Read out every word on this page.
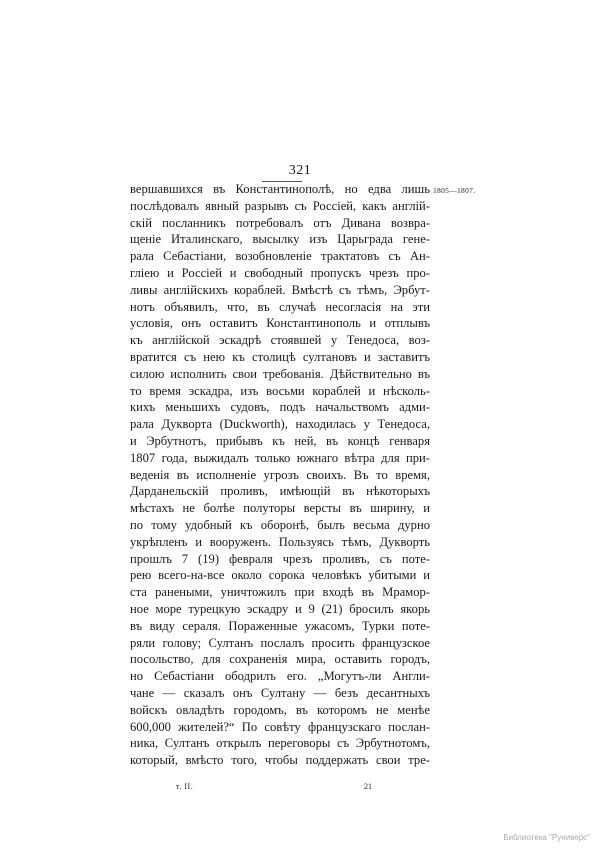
321
1805—1807.
вершавшихся въ Константинополѣ, но едва лишь
послѣдовалъ явный разрывъ съ Россіей, какъ англій-
скій посланникъ потребовалъ отъ Дивана возвра-
щеніе Италинскаго, высылку изъ Царьграда гене-
рала Себастіани, возобновленіе трактатовъ съ Ан-
гліею и Россіей и свободный пропускъ чрезъ про-
ливы англійскихъ кораблей. Вмѣстѣ съ тѣмъ, Эрбут-
нотъ объявилъ, что, въ случаѣ несогласія на эти
условія, онъ оставитъ Константинополь и отплывъ
къ англійской эскадрѣ стоявшей у Тенедоса, воз-
вратится съ нею къ столицѣ султановъ и заставитъ
силою исполнить свои требованія. Дѣйствительно въ
то время эскадра, изъ восьми кораблей и нѣсколь-
кихъ меньшихъ судовъ, подъ начальствомъ адми-
рала Дукворта (Duckworth), находилась у Тенедоса,
и Эрбутнотъ, прибывъ къ ней, въ концѣ генваря
1807 года, выжидалъ только южнаго вѣтра для при-
веденія въ исполненіе угрозъ своихъ. Въ то время,
Дарданельскій проливъ, имѣющій въ нѣкоторыхъ
мѣстахъ не болѣе полуторы версты въ ширину, и
по тому удобный къ оборонѣ, былъ весьма дурно
укрѣпленъ и вооруженъ. Пользуясь тѣмъ, Дукворть
прошлъ 7 (19) февраля чрезъ проливъ, съ поте-
рею всего-на-все около сорока человѣкъ убитыми и
ста ранеными, уничтожилъ при входѣ въ Мрамор-
ное море турецкую эскадру и 9 (21) бросилъ якорь
въ виду сераля. Пораженные ужасомъ, Турки поте-
ряли голову; Султанъ послалъ просить французское
посольство, для сохраненія мира, оставить городъ,
но Себастіани ободрилъ его. „Могутъ-ли Англи-
чане — сказалъ онъ Султану — безъ десантныхъ
войскъ овладѣть городомъ, въ которомъ не менѣе
600,000 жителей?“ По совѣту французскаго послан-
ника, Султанъ открылъ переговоры съ Эрбутнотомъ,
который, вмѣсто того, чтобы поддержать свои тре-
т. II.	21
Библиотека "Руниверс"
